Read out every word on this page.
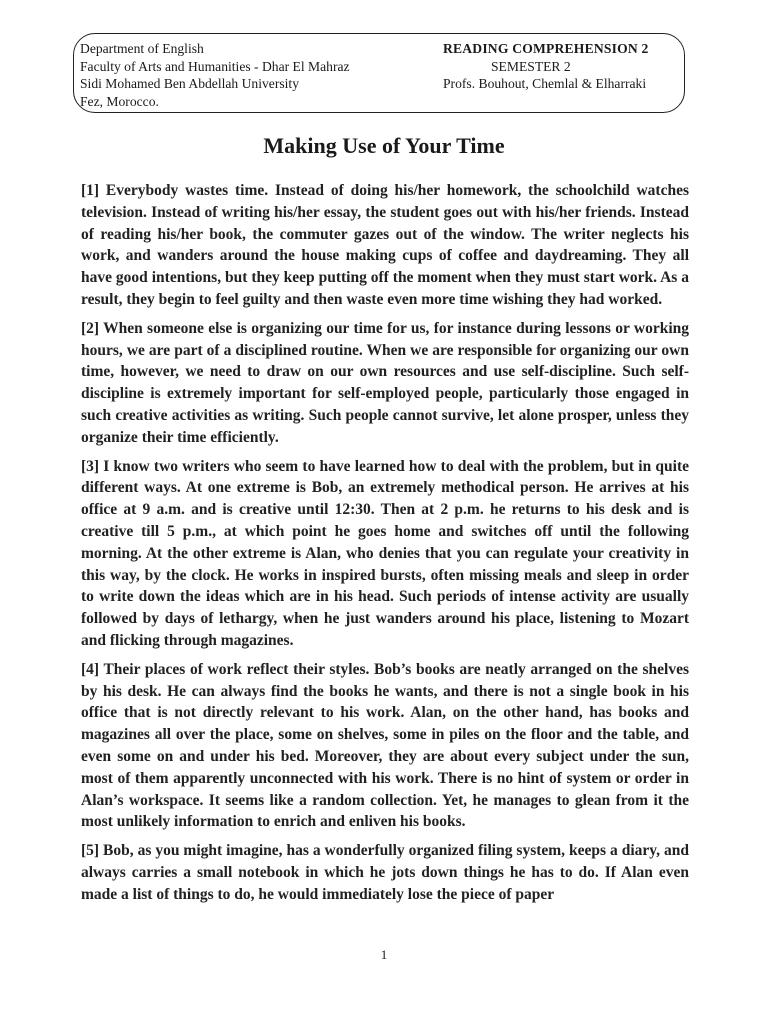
Department of English
Faculty of Arts and Humanities - Dhar El Mahraz
Sidi Mohamed Ben Abdellah University
Fez, Morocco.
READING COMPREHENSION 2
SEMESTER 2
Profs. Bouhout, Chemlal & Elharraki
Making Use of Your Time

[1] Everybody wastes time. Instead of doing his/her homework, the schoolchild watches television. Instead of writing his/her essay, the student goes out with his/her friends. Instead of reading his/her book, the commuter gazes out of the window. The writer neglects his work, and wanders around the house making cups of coffee and daydreaming. They all have good intentions, but they keep putting off the moment when they must start work. As a result, they begin to feel guilty and then waste even more time wishing they had worked.

[2] When someone else is organizing our time for us, for instance during lessons or working hours, we are part of a disciplined routine. When we are responsible for organizing our own time, however, we need to draw on our own resources and use self-discipline. Such self-discipline is extremely important for self-employed people, particularly those engaged in such creative activities as writing. Such people cannot survive, let alone prosper, unless they organize their time efficiently.

[3] I know two writers who seem to have learned how to deal with the problem, but in quite different ways. At one extreme is Bob, an extremely methodical person. He arrives at his office at 9 a.m. and is creative until 12:30. Then at 2 p.m. he returns to his desk and is creative till 5 p.m., at which point he goes home and switches off until the following morning. At the other extreme is Alan, who denies that you can regulate your creativity in this way, by the clock. He works in inspired bursts, often missing meals and sleep in order to write down the ideas which are in his head. Such periods of intense activity are usually followed by days of lethargy, when he just wanders around his place, listening to Mozart and flicking through magazines.

[4] Their places of work reflect their styles. Bob’s books are neatly arranged on the shelves by his desk. He can always find the books he wants, and there is not a single book in his office that is not directly relevant to his work. Alan, on the other hand, has books and magazines all over the place, some on shelves, some in piles on the floor and the table, and even some on and under his bed. Moreover, they are about every subject under the sun, most of them apparently unconnected with his work. There is no hint of system or order in Alan’s workspace. It seems like a random collection. Yet, he manages to glean from it the most unlikely information to enrich and enliven his books.

[5] Bob, as you might imagine, has a wonderfully organized filing system, keeps a diary, and always carries a small notebook in which he jots down things he has to do. If Alan even made a list of things to do, he would immediately lose the piece of paper

1
